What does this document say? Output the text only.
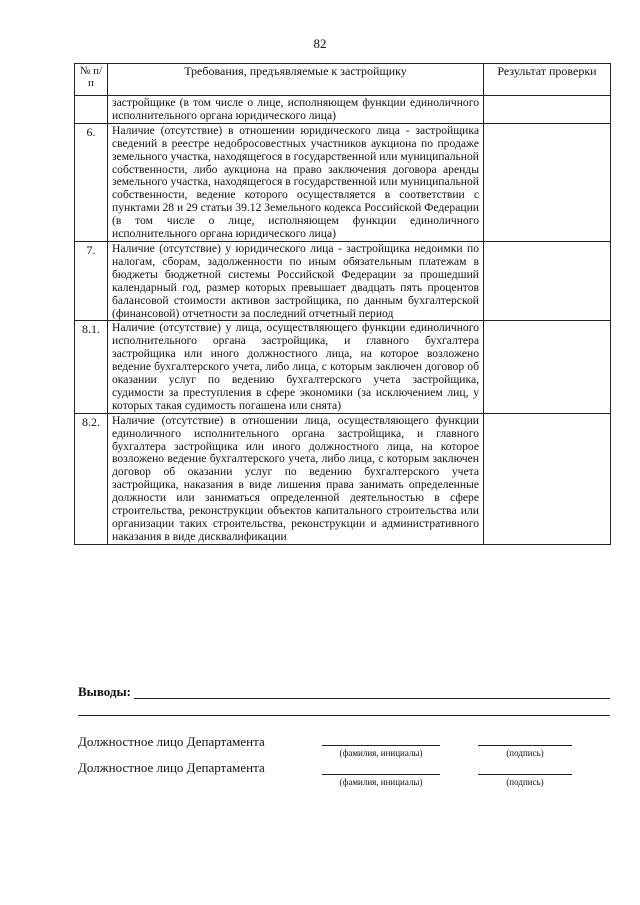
82
№ п/п	Требования, предъявляемые к застройщику	Результат проверки
	застройщике (в том числе о лице, исполняющем функции единоличного исполнительного органа юридического лица)	
6.	Наличие (отсутствие) в отношении юридического лица - застройщика сведений в реестре недобросовестных участников аукциона по продаже земельного участка, находящегося в государственной или муниципальной собственности, либо аукциона на право заключения договора аренды земельного участка, находящегося в государственной или муниципальной собственности, ведение которого осуществляется в соответствии с пунктами 28 и 29 статьи 39.12 Земельного кодекса Российской Федерации (в том числе о лице, исполняющем функции единоличного исполнительного органа юридического лица)	
7.	Наличие (отсутствие) у юридического лица - застройщика недоимки по налогам, сборам, задолженности по иным обязательным платежам в бюджеты бюджетной системы Российской Федерации за прошедший календарный год, размер которых превышает двадцать пять процентов балансовой стоимости активов застройщика, по данным бухгалтерской (финансовой) отчетности за последний отчетный период	
8.1.	Наличие (отсутствие) у лица, осуществляющего функции единоличного исполнительного органа застройщика, и главного бухгалтера застройщика или иного должностного лица, на которое возложено ведение бухгалтерского учета, либо лица, с которым заключен договор об оказании услуг по ведению бухгалтерского учета застройщика, судимости за преступления в сфере экономики (за исключением лиц, у которых такая судимость погашена или снята)	
8.2.	Наличие (отсутствие) в отношении лица, осуществляющего функции единоличного исполнительного органа застройщика, и главного бухгалтера застройщика или иного должностного лица, на которое возложено ведение бухгалтерского учета, либо лица, с которым заключен договор об оказании услуг по ведению бухгалтерского учета застройщика, наказания в виде лишения права занимать определенные должности или заниматься определенной деятельностью в сфере строительства, реконструкции объектов капитального строительства или организации таких строительства, реконструкции и административного наказания в виде дисквалификации	
Выводы:
Должностное лицо Департамента
(фамилия, инициалы)	(подпись)
Должностное лицо Департамента
(фамилия, инициалы)	(подпись)
